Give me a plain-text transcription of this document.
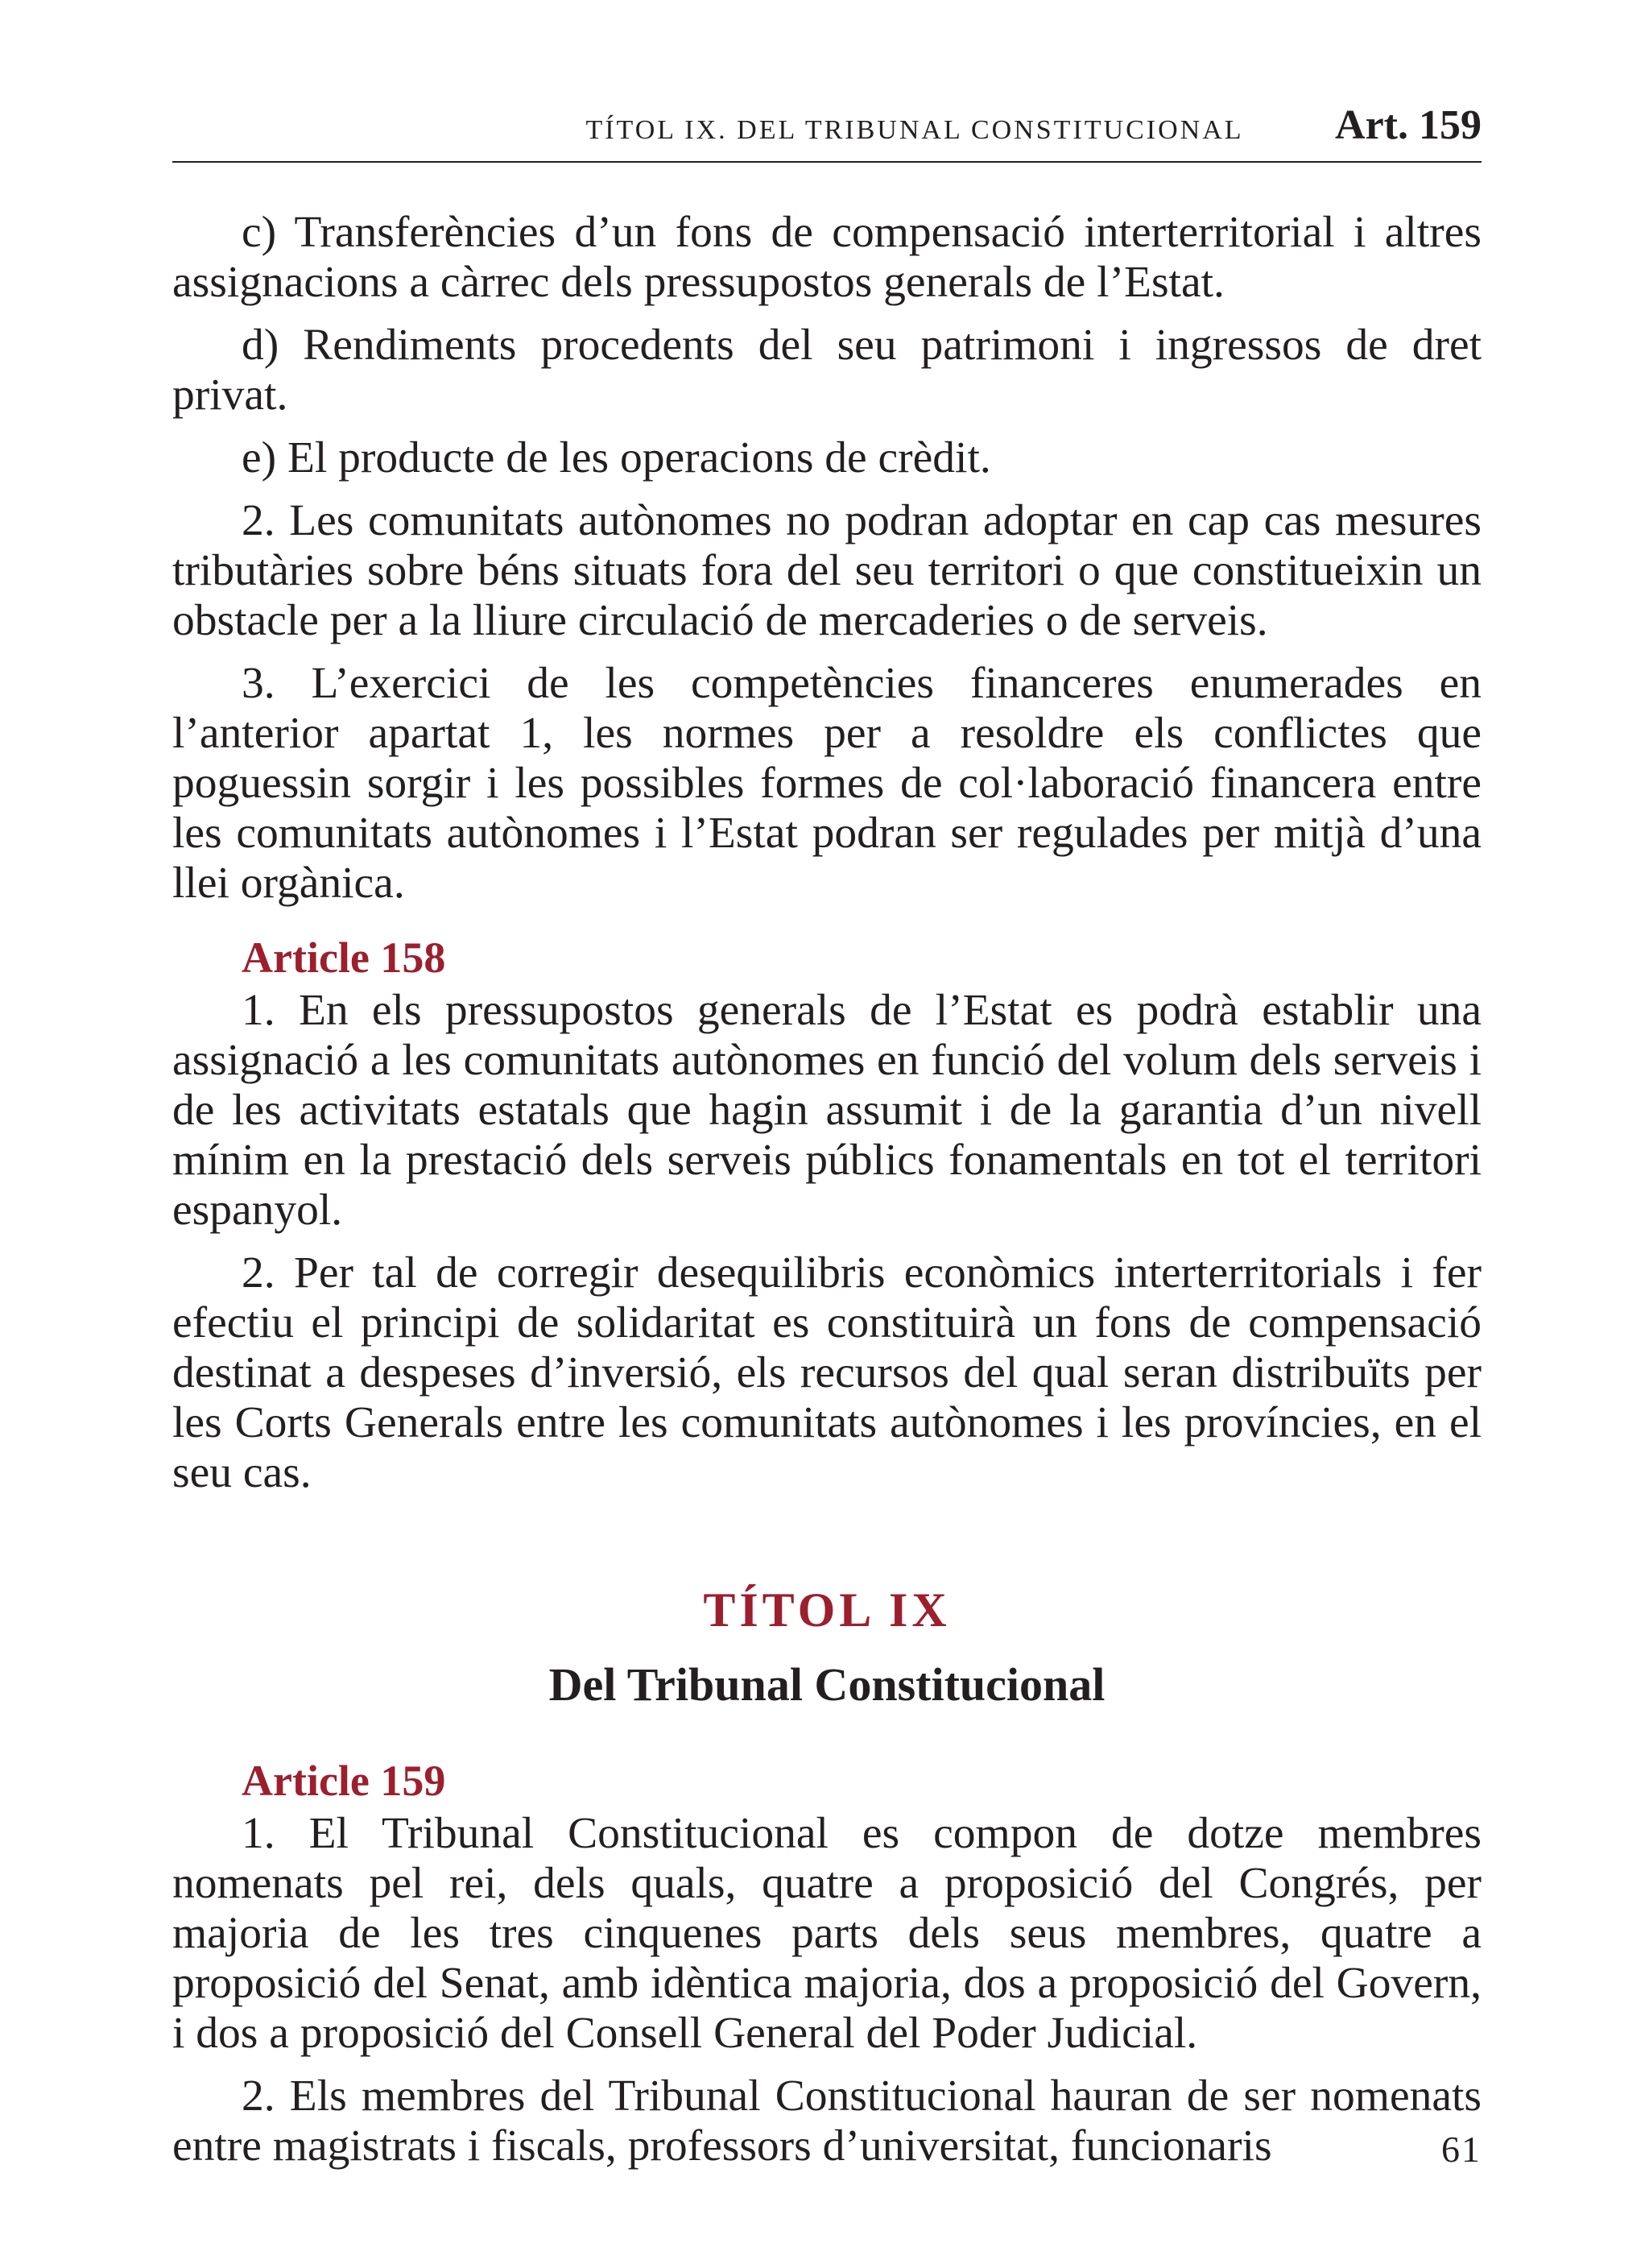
TÍTOL IX. DEL TRIBUNAL CONSTITUCIONAL	Art. 159

c) Transferències d’un fons de compensació interterritorial i altres assignacions a càrrec dels pressupostos generals de l’Estat.

d) Rendiments procedents del seu patrimoni i ingressos de dret privat.

e) El producte de les operacions de crèdit.

2. Les comunitats autònomes no podran adoptar en cap cas mesures tributàries sobre béns situats fora del seu territori o que constitueixin un obstacle per a la lliure circulació de mercaderies o de serveis.

3. L’exercici de les competències financeres enumerades en l’anterior apartat 1, les normes per a resoldre els conflictes que poguessin sorgir i les possibles formes de col·laboració financera entre les comunitats autònomes i l’Estat podran ser regulades per mitjà d’una llei orgànica.

Article 158

1. En els pressupostos generals de l’Estat es podrà establir una assignació a les comunitats autònomes en funció del volum dels serveis i de les activitats estatals que hagin assumit i de la garantia d’un nivell mínim en la prestació dels serveis públics fonamentals en tot el territori espanyol.

2. Per tal de corregir desequilibris econòmics interterritorials i fer efectiu el principi de solidaritat es constituirà un fons de compensació destinat a despeses d’inversió, els recursos del qual seran distribuïts per les Corts Generals entre les comunitats autònomes i les províncies, en el seu cas.

TÍTOL IX
Del Tribunal Constitucional
Article 159

1. El Tribunal Constitucional es compon de dotze membres nomenats pel rei, dels quals, quatre a proposició del Congrés, per majoria de les tres cinquenes parts dels seus membres, quatre a proposició del Senat, amb idèntica majoria, dos a proposició del Govern, i dos a proposició del Consell General del Poder Judicial.

2. Els membres del Tribunal Constitucional hauran de ser nomenats entre magistrats i fiscals, professors d’universitat, funcionaris	61
